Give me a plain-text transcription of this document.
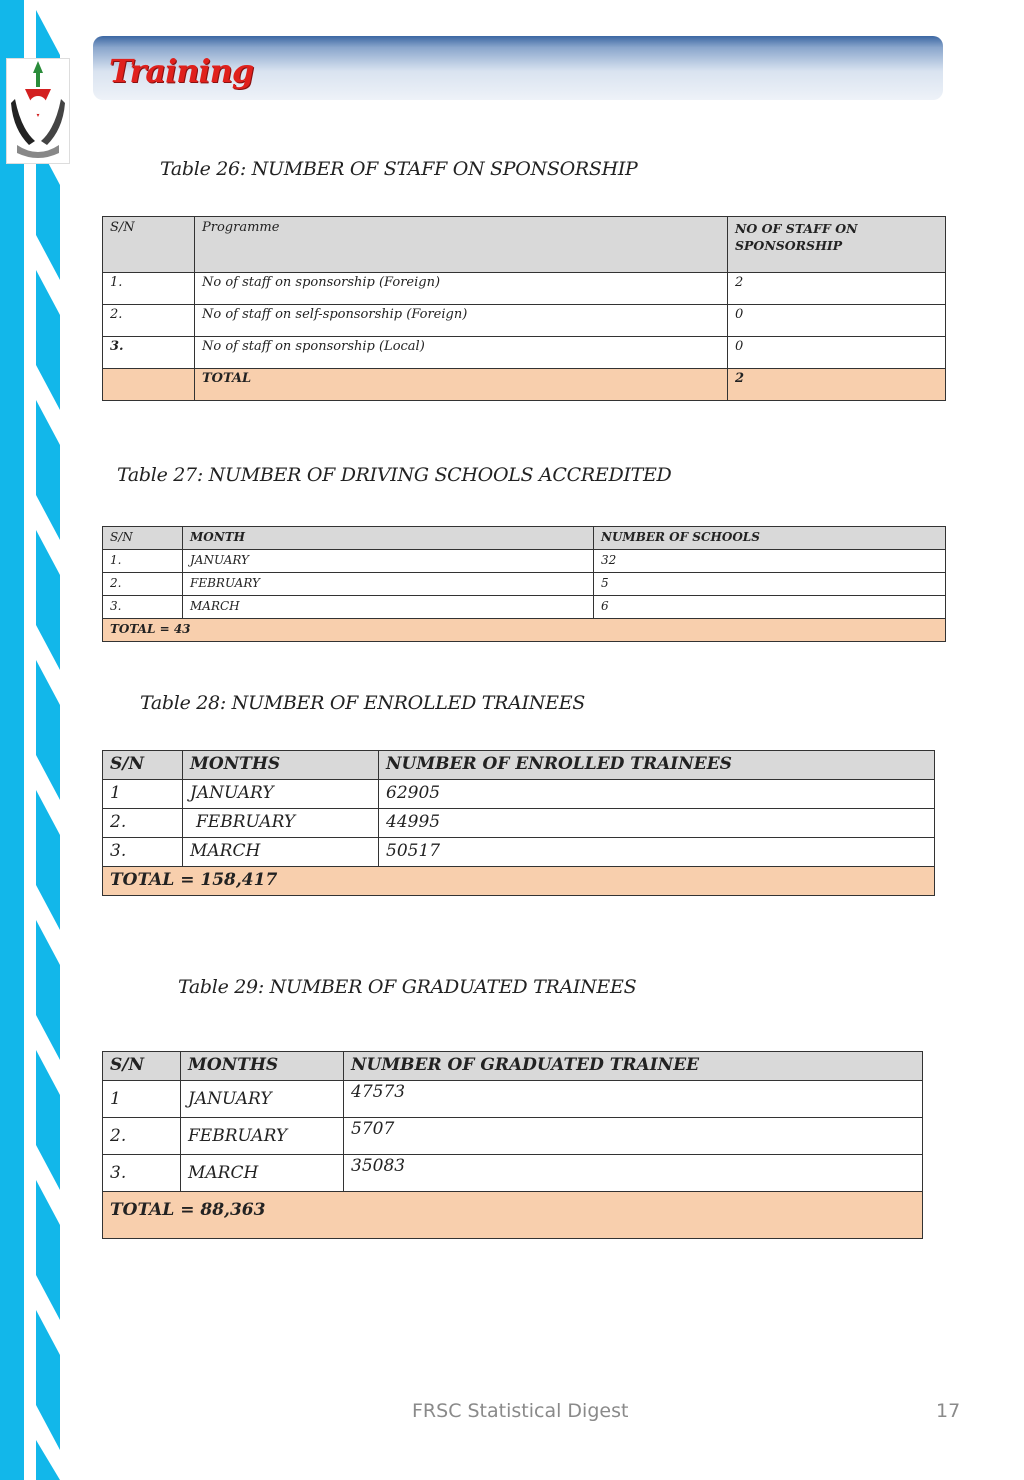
Training
Table 26: NUMBER OF STAFF ON SPONSORSHIP
S/N	Programme	NO OF STAFF ON SPONSORSHIP
1.	No of staff on sponsorship (Foreign)	2
2.	No of staff on self-sponsorship (Foreign)	0
3.	No of staff on sponsorship (Local)	0
	TOTAL	2
Table 27: NUMBER OF DRIVING SCHOOLS ACCREDITED
S/N	MONTH	NUMBER OF SCHOOLS
1.	JANUARY	32
2.	FEBRUARY	5
3.	MARCH	6
TOTAL = 43		
Table 28: NUMBER OF ENROLLED TRAINEES
S/N	MONTHS	NUMBER OF ENROLLED TRAINEES
1	JANUARY	62905
2.	FEBRUARY	44995
3.	MARCH	50517
TOTAL = 158,417		
Table 29: NUMBER OF GRADUATED TRAINEES
S/N	MONTHS	NUMBER OF GRADUATED TRAINEE
1	JANUARY	47573
2.	FEBRUARY	5707
3.	MARCH	35083
TOTAL = 88,363		
FRSC Statistical Digest	17
